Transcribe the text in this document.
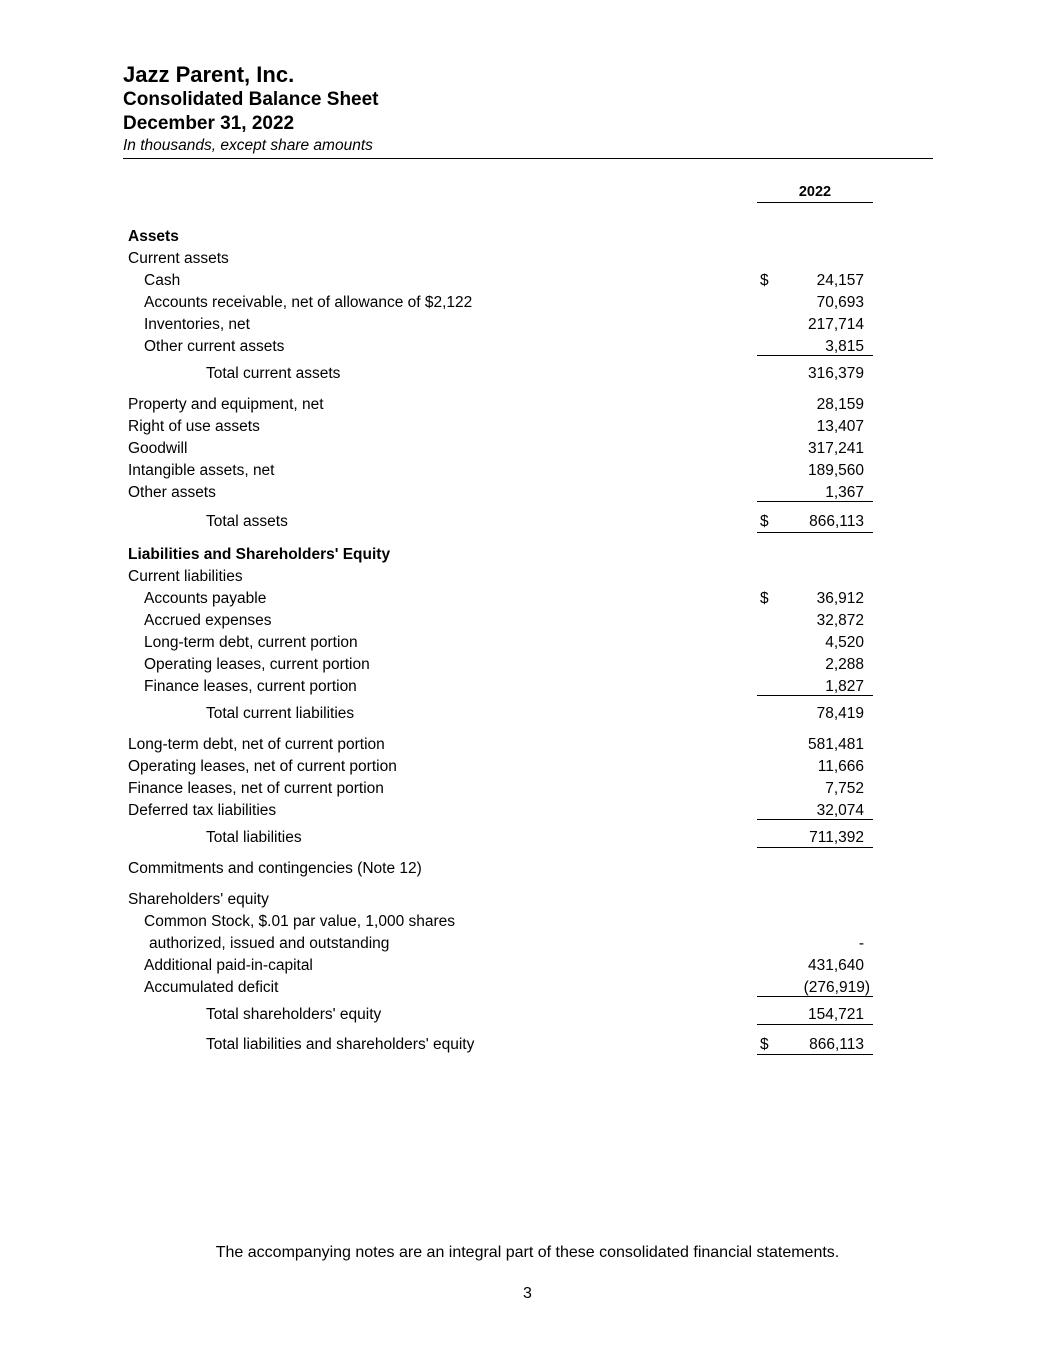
Jazz Parent, Inc.
Consolidated Balance Sheet
December 31, 2022
In thousands, except share amounts
2022
Assets
Current assets
Cash	$	24,157
Accounts receivable, net of allowance of $2,122	70,693
Inventories, net	217,714
Other current assets	3,815
Total current assets	316,379
Property and equipment, net	28,159
Right of use assets	13,407
Goodwill	317,241
Intangible assets, net	189,560
Other assets	1,367
Total assets	$	866,113
Liabilities and Shareholders' Equity
Current liabilities
Accounts payable	$	36,912
Accrued expenses	32,872
Long-term debt, current portion	4,520
Operating leases, current portion	2,288
Finance leases, current portion	1,827
Total current liabilities	78,419
Long-term debt, net of current portion	581,481
Operating leases, net of current portion	11,666
Finance leases, net of current portion	7,752
Deferred tax liabilities	32,074
Total liabilities	711,392
Commitments and contingencies (Note 12)
Shareholders' equity
Common Stock, $.01 par value, 1,000 shares
authorized, issued and outstanding	-
Additional paid-in-capital	431,640
Accumulated deficit	(276,919)
Total shareholders' equity	154,721
Total liabilities and shareholders' equity	$	866,113
The accompanying notes are an integral part of these consolidated financial statements.
3
